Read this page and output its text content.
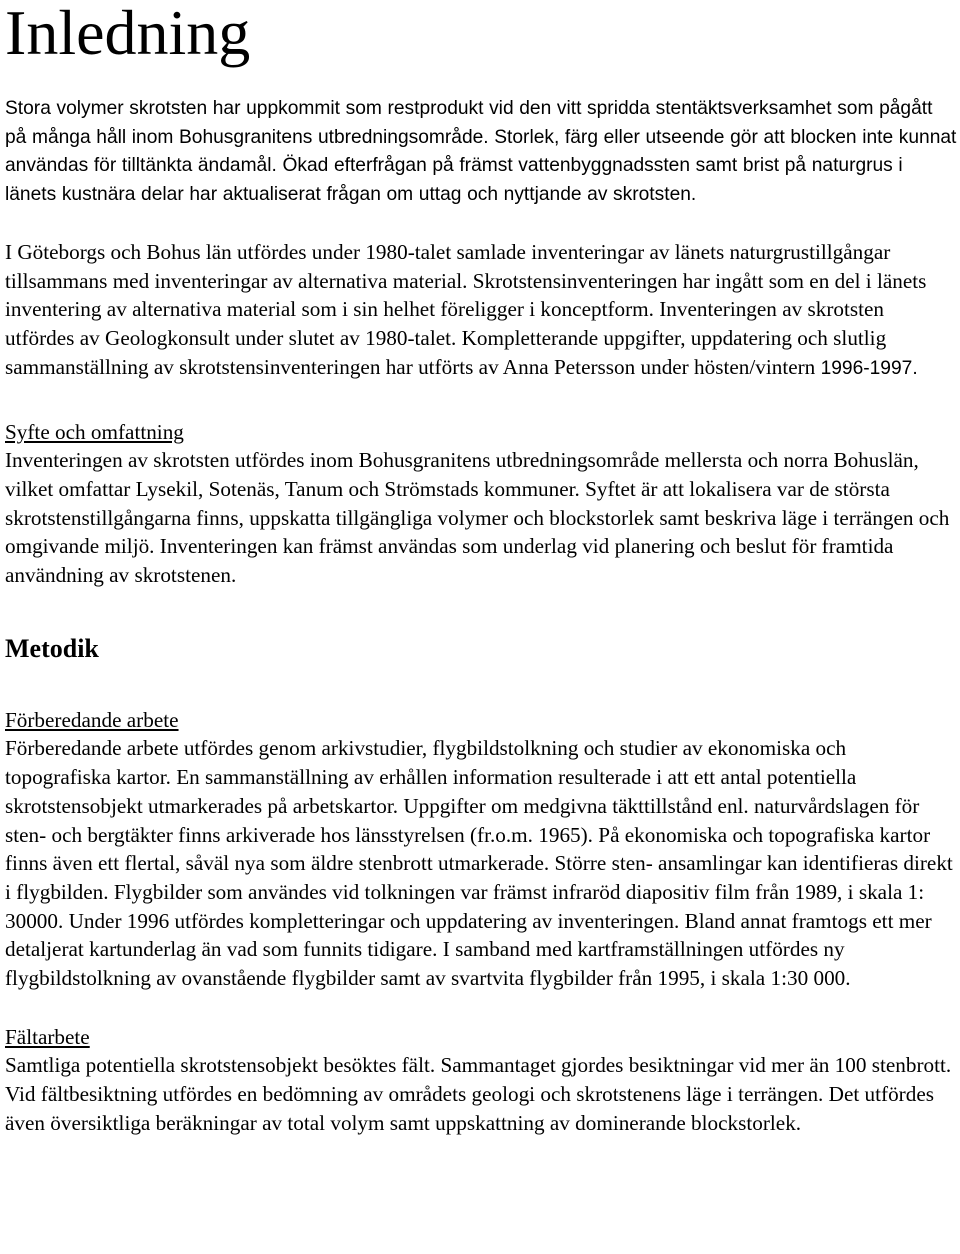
Inledning

Stora volymer skrotsten har uppkommit som restprodukt vid den vitt spridda stentäktsverksamhet som pågått på många håll inom Bohusgranitens utbredningsområde. Storlek, färg eller utseende gör att blocken inte kunnat användas för tilltänkta ändamål. Ökad efterfrågan på främst vattenbyggnadssten samt brist på naturgrus i länets kustnära delar har aktualiserat frågan om uttag och nyttjande av skrotsten.

I Göteborgs och Bohus län utfördes under 1980-talet samlade inventeringar av länets naturgrustillgångar tillsammans med inventeringar av alternativa material. Skrotstensinventeringen har ingått som en del i länets inventering av alternativa material som i sin helhet föreligger i konceptform. Inventeringen av skrotsten utfördes av Geologkonsult under slutet av 1980-talet. Kompletterande uppgifter, uppdatering och slutlig sammanställning av skrotstensinventeringen har utförts av Anna Petersson under hösten/vintern 1996-1997.

Syfte och omfattning

Inventeringen av skrotsten utfördes inom Bohusgranitens utbredningsområde mellersta och norra Bohuslän, vilket omfattar Lysekil, Sotenäs, Tanum och Strömstads kommuner. Syftet är att lokalisera var de största skrotstenstillgångarna finns, uppskatta tillgängliga volymer och blockstorlek samt beskriva läge i terrängen och omgivande miljö. Inventeringen kan främst användas som underlag vid planering och beslut för framtida användning av skrotstenen.

Metodik
Förberedande arbete

Förberedande arbete utfördes genom arkivstudier, flygbildstolkning och studier av ekonomiska och topografiska kartor. En sammanställning av erhållen information resulterade i att ett antal potentiella skrotstensobjekt utmarkerades på arbetskartor. Uppgifter om medgivna täkttillstånd enl. naturvårdslagen för sten- och bergtäkter finns arkiverade hos länsstyrelsen (fr.o.m. 1965). På ekonomiska och topografiska kartor finns även ett flertal, såväl nya som äldre stenbrott utmarkerade. Större sten- ansamlingar kan identifieras direkt i flygbilden. Flygbilder som användes vid tolkningen var främst infraröd diapositiv film från 1989, i skala 1: 30000. Under 1996 utfördes kompletteringar och uppdatering av inventeringen. Bland annat framtogs ett mer detaljerat kartunderlag än vad som funnits tidigare. I samband med kartframställningen utfördes ny flygbildstolkning av ovanstående flygbilder samt av svartvita flygbilder från 1995, i skala 1:30 000.

Fältarbete

Samtliga potentiella skrotstensobjekt besöktes fält. Sammantaget gjordes besiktningar vid mer än 100 stenbrott. Vid fältbesiktning utfördes en bedömning av områdets geologi och skrotstenens läge i terrängen. Det utfördes även översiktliga beräkningar av total volym samt uppskattning av dominerande blockstorlek.
